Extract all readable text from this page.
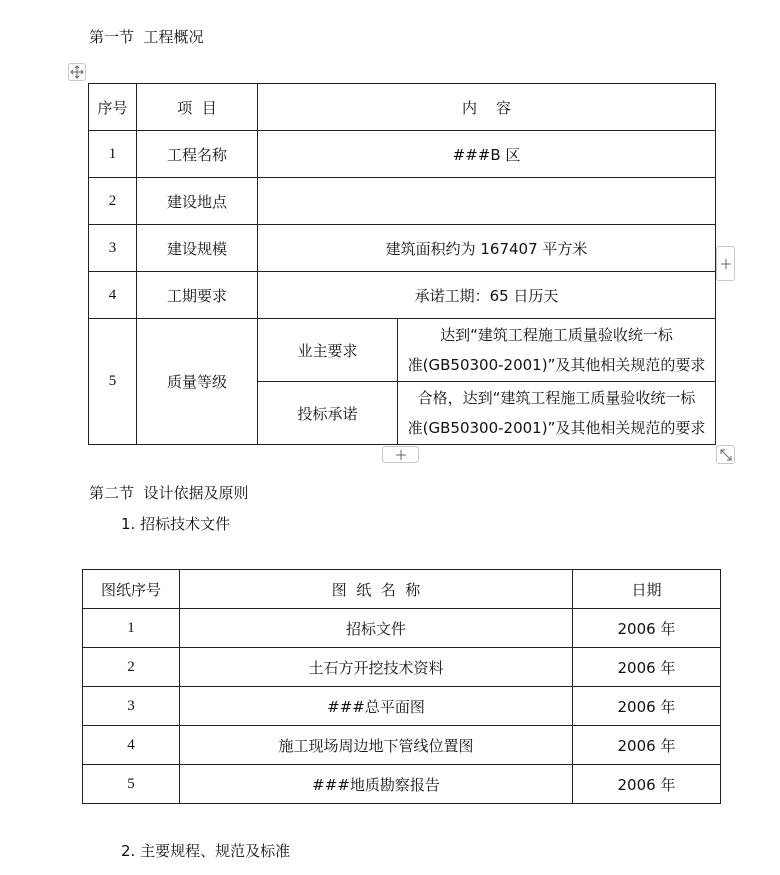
第一节  工程概况
序号	项  目	内    容	
1	工程名称	###B 区	
2	建设地点		
3	建设规模	建筑面积约为 167407 平方米	
4	工期要求	承诺工期：65 日历天	
5	质量等级	业主要求	达到“建筑工程施工质量验收统一标
准(GB50300-2001)”及其他相关规范的要求

		投标承诺	合格，达到“建筑工程施工质量验收统一标
准(GB50300-2001)”及其他相关规范的要求
第二节  设计依据及原则
1. 招标技术文件
图纸序号	图  纸  名  称	日期
1	招标文件	2006 年
2	土石方开挖技术资料	2006 年
3	###总平面图	2006 年
4	施工现场周边地下管线位置图	2006 年
5	###地质勘察报告	2006 年
2. 主要规程、规范及标准
